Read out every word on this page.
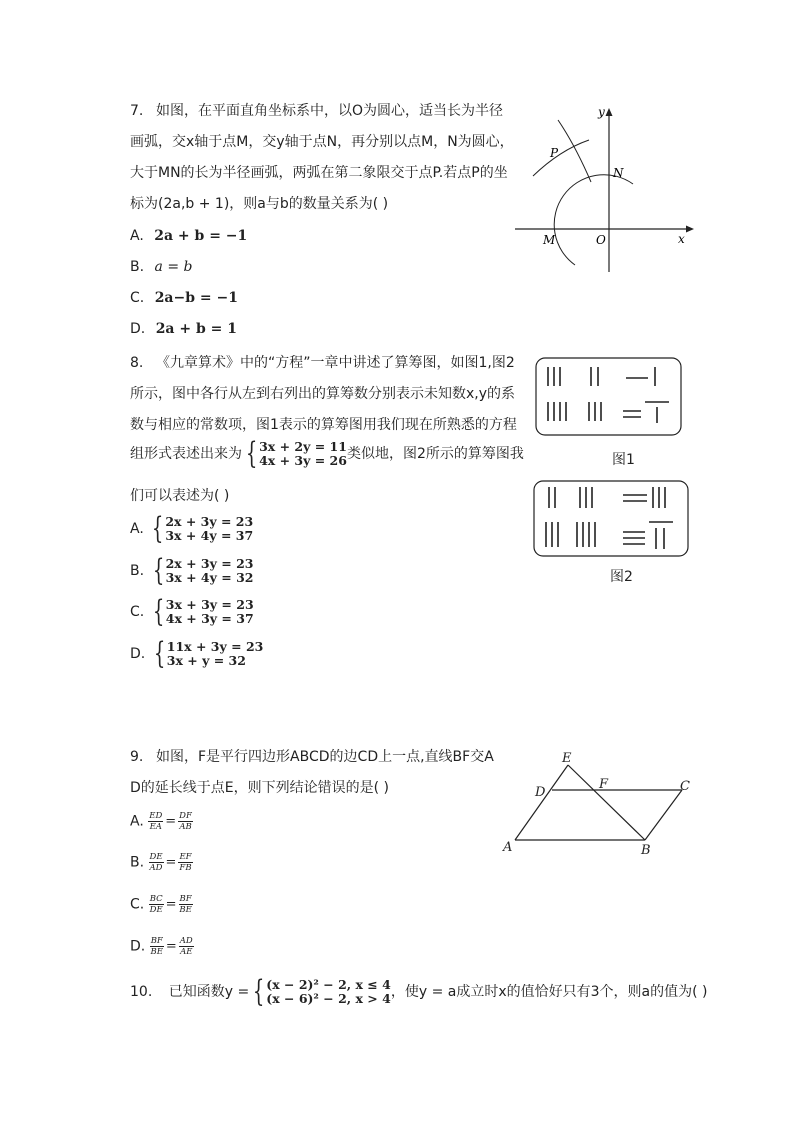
7. 如图，在平面直角坐标系中，以O为圆心，适当长为半径
画弧，交x轴于点M，交y轴于点N，再分别以点M，N为圆心，
大于MN的长为半径画弧，两弧在第二象限交于点P.若点P的坐
标为(2a,b + 1)，则a与b的数量关系为( )
A. 2a + b = −1
B. a = b
C. 2a−b = −1
D. 2a + b = 1
y
x
O
M
N
P
8. 《九章算术》中的“方程”一章中讲述了算筹图，如图1,图2
所示，图中各行从左到右列出的算筹数分别表示未知数x,y的系
数与相应的常数项，图1表示的算筹图用我们现在所熟悉的方程
组形式表述出来为 { 3x + 2y = 11
4x + 3y = 26 类似地，图2所示的算筹图我
们可以表述为( )
A. { 2x + 3y = 23
3x + 4y = 37
B. { 2x + 3y = 23
3x + 4y = 32
C. { 3x + 3y = 23
4x + 3y = 37
D. { 11x + 3y = 23
3x + y = 32
图1
图2
9. 如图，F是平行四边形ABCD的边CD上一点,直线BF交A
D的延长线于点E，则下列结论错误的是( )
A. $\frac{ED}{EA} = \frac{DF}{AB}$
B. $\frac{DE}{AD} = \frac{EF}{FB}$
C. $\frac{BC}{DE} = \frac{BF}{BE}$
D. $\frac{BF}{BE} = \frac{AD}{AE}$
E
F	C
D
A	B
10. 已知函数y = { (x − 2)² − 2, x ≤ 4
(x − 6)² − 2, x > 4 ，使y = a成立时x的值恰好只有3个，则a的值为( )
